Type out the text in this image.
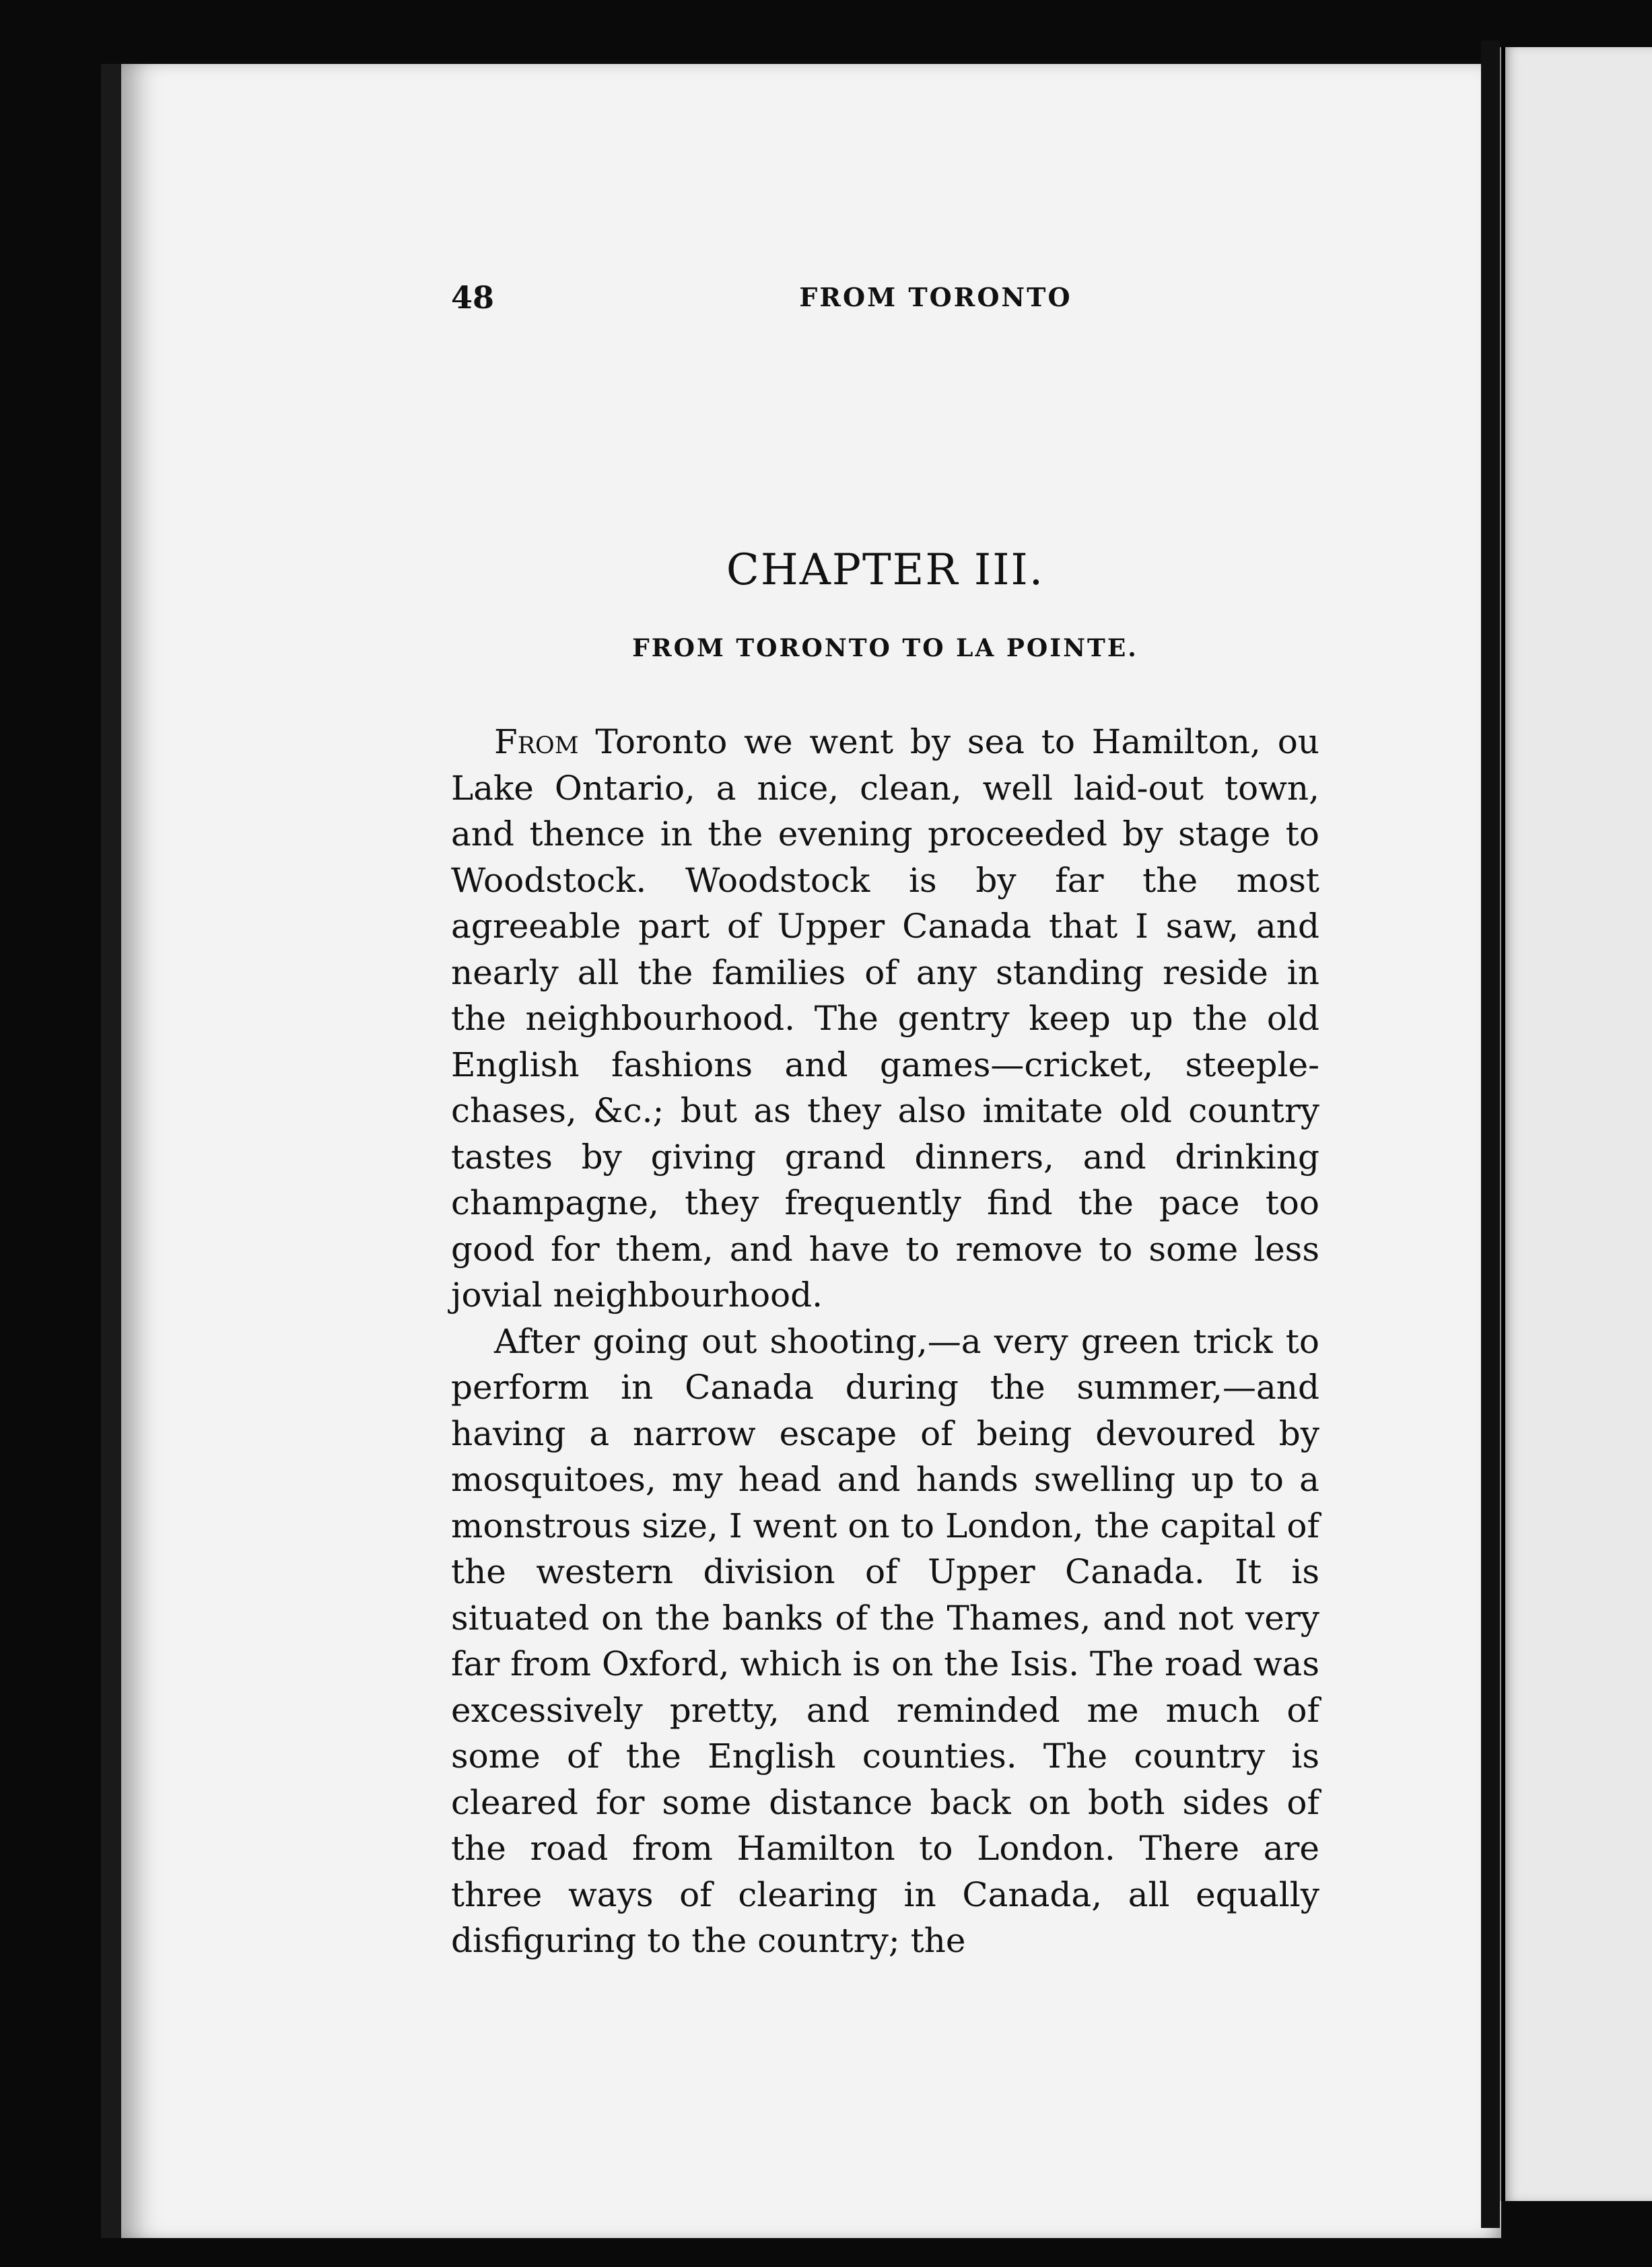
48	FROM TORONTO
CHAPTER III.
FROM TORONTO TO LA POINTE.

From Toronto we went by sea to Hamilton, ou Lake Ontario, a nice, clean, well laid-out town, and thence in the evening proceeded by stage to Woodstock. Woodstock is by far the most agreeable part of Upper Canada that I saw, and nearly all the families of any standing reside in the neighbourhood. The gentry keep up the old English fashions and games—cricket, steeple-chases, &c.; but as they also imitate old country tastes by giving grand dinners, and drinking champagne, they frequently find the pace too good for them, and have to remove to some less jovial neighbourhood.

After going out shooting,—a very green trick to perform in Canada during the summer,—and having a narrow escape of being devoured by mosquitoes, my head and hands swelling up to a monstrous size, I went on to London, the capital of the western division of Upper Canada. It is situated on the banks of the Thames, and not very far from Oxford, which is on the Isis. The road was excessively pretty, and reminded me much of some of the English counties. The country is cleared for some distance back on both sides of the road from Hamilton to London. There are three ways of clearing in Canada, all equally disfiguring to the country; the
